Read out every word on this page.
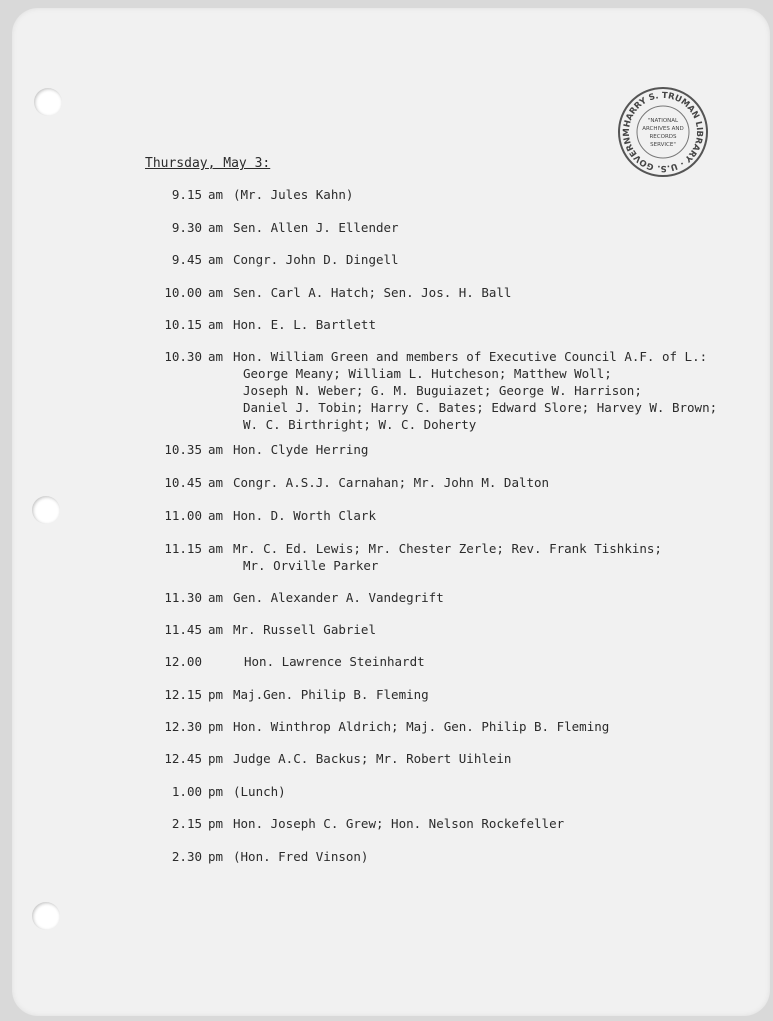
HARRY S. TRUMAN LIBRARY · U.S. GOVERNM
"NATIONAL
ARCHIVES AND
RECORDS
SERVICE"
Thursday, May 3:
9.15 am (Mr. Jules Kahn)
9.30 am Sen. Allen J. Ellender
9.45 am Congr. John D. Dingell
10.00 am Sen. Carl A. Hatch; Sen. Jos. H. Ball
10.15 am Hon. E. L. Bartlett
10.30 am Hon. William Green and members of Executive Council A.F. of L.:
George Meany; William L. Hutcheson; Matthew Woll;
Joseph N. Weber; G. M. Buguiazet; George W. Harrison;
Daniel J. Tobin; Harry C. Bates; Edward Slore; Harvey W. Brown;
W. C. Birthright; W. C. Doherty
10.35 am Hon. Clyde Herring
10.45 am Congr. A.S.J. Carnahan; Mr. John M. Dalton
11.00 am Hon. D. Worth Clark
11.15 am Mr. C. Ed. Lewis; Mr. Chester Zerle; Rev. Frank Tishkins;
Mr. Orville Parker
11.30 am Gen. Alexander A. Vandegrift
11.45 am Mr. Russell Gabriel
12.00	Hon. Lawrence Steinhardt
12.15 pm Maj.Gen. Philip B. Fleming
12.30 pm Hon. Winthrop Aldrich; Maj. Gen. Philip B. Fleming
12.45 pm Judge A.C. Backus; Mr. Robert Uihlein
1.00 pm (Lunch)
2.15 pm Hon. Joseph C. Grew; Hon. Nelson Rockefeller
2.30 pm (Hon. Fred Vinson)
